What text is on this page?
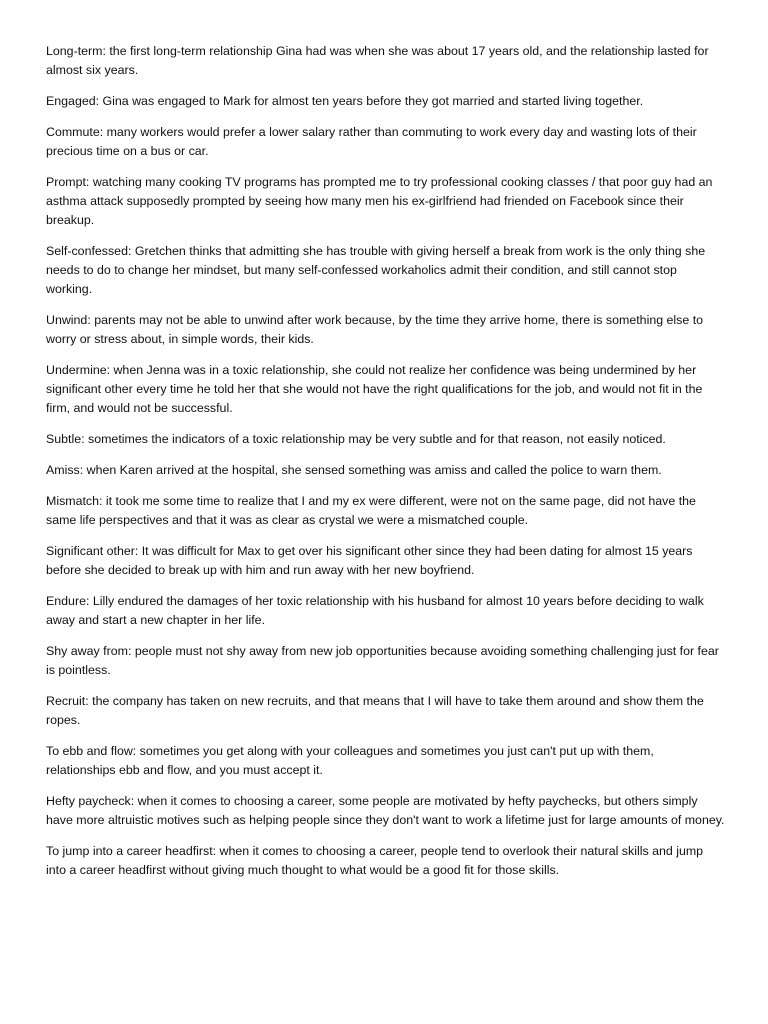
Long-term: the first long-term relationship Gina had was when she was about 17 years old, and the relationship lasted for almost six years.

Engaged: Gina was engaged to Mark for almost ten years before they got married and started living together.

Commute: many workers would prefer a lower salary rather than commuting to work every day and wasting lots of their precious time on a bus or car.

Prompt: watching many cooking TV programs has prompted me to try professional cooking classes / that poor guy had an asthma attack supposedly prompted by seeing how many men his ex-girlfriend had friended on Facebook since their breakup.

Self-confessed: Gretchen thinks that admitting she has trouble with giving herself a break from work is the only thing she needs to do to change her mindset, but many self-confessed workaholics admit their condition, and still cannot stop working.

Unwind: parents may not be able to unwind after work because, by the time they arrive home, there is something else to worry or stress about, in simple words, their kids.

Undermine: when Jenna was in a toxic relationship, she could not realize her confidence was being undermined by her significant other every time he told her that she would not have the right qualifications for the job, and would not fit in the firm, and would not be successful.

Subtle: sometimes the indicators of a toxic relationship may be very subtle and for that reason, not easily noticed.

Amiss: when Karen arrived at the hospital, she sensed something was amiss and called the police to warn them.

Mismatch: it took me some time to realize that I and my ex were different, were not on the same page, did not have the same life perspectives and that it was as clear as crystal we were a mismatched couple.

Significant other: It was difficult for Max to get over his significant other since they had been dating for almost 15 years before she decided to break up with him and run away with her new boyfriend.

Endure: Lilly endured the damages of her toxic relationship with his husband for almost 10 years before deciding to walk away and start a new chapter in her life.

Shy away from: people must not shy away from new job opportunities because avoiding something challenging just for fear is pointless.

Recruit: the company has taken on new recruits, and that means that I will have to take them around and show them the ropes.

To ebb and flow: sometimes you get along with your colleagues and sometimes you just can't put up with them, relationships ebb and flow, and you must accept it.

Hefty paycheck: when it comes to choosing a career, some people are motivated by hefty paychecks, but others simply have more altruistic motives such as helping people since they don't want to work a lifetime just for large amounts of money.

To jump into a career headfirst: when it comes to choosing a career, people tend to overlook their natural skills and jump into a career headfirst without giving much thought to what would be a good fit for those skills.
